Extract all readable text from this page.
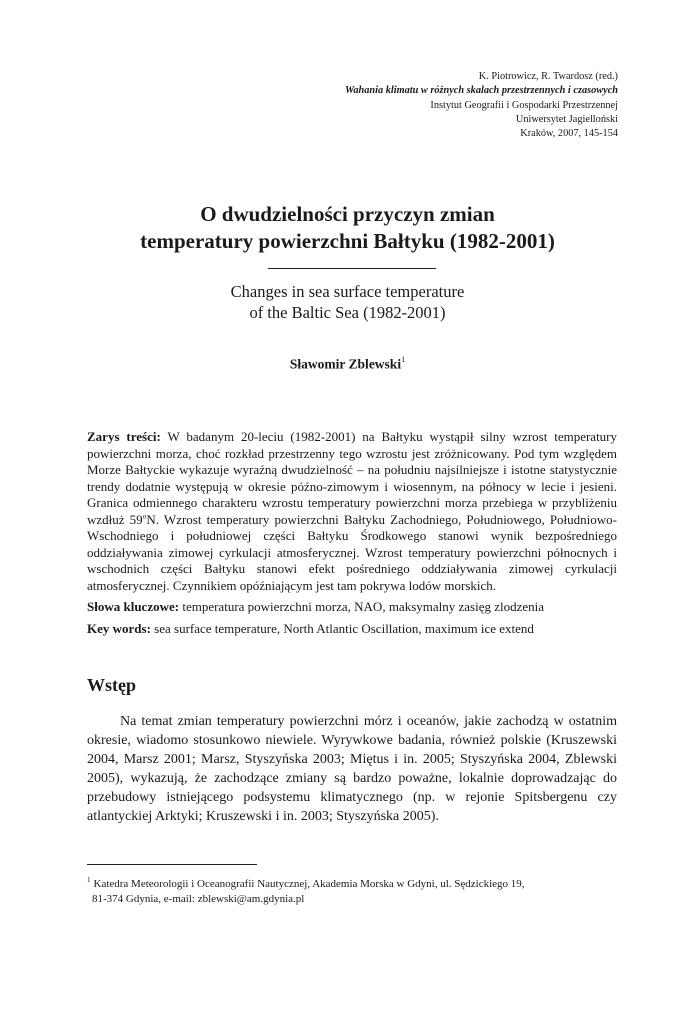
K. Piotrowicz, R. Twardosz (red.)
Wahania klimatu w różnych skalach przestrzennych i czasowych
Instytut Geografii i Gospodarki Przestrzennej
Uniwersytet Jagielloński
Kraków, 2007, 145-154
O dwudzielności przyczyn zmian
temperatury powierzchni Bałtyku (1982-2001)
Changes in sea surface temperature
of the Baltic Sea (1982-2001)
Sławomir Zblewski$^1$

Zarys treści: W badanym 20-leciu (1982-2001) na Bałtyku wystąpił silny wzrost temperatury powierzchni morza, choć rozkład przestrzenny tego wzrostu jest zróżnicowany. Pod tym względem Morze Bałtyckie wykazuje wyraźną dwudzielność – na południu najsilniejsze i istotne statystycznie trendy dodatnie występują w okresie późno-zimowym i wiosennym, na północy w lecie i jesieni. Granica odmiennego charakteru wzrostu temperatury powierzchni morza przebiega w przybliżeniu wzdłuż 59$^o$N. Wzrost temperatury powierzchni Bałtyku Zachodniego, Południowego, Południowo-Wschodniego i południowej części Bałtyku Środkowego stanowi wynik bezpośredniego oddziaływania zimowej cyrkulacji atmosferycznej. Wzrost temperatury powierzchni północnych i wschodnich części Bałtyku stanowi efekt pośredniego oddziaływania zimowej cyrkulacji atmosferycznej. Czynnikiem opóźniającym jest tam pokrywa lodów morskich.

Słowa kluczowe: temperatura powierzchni morza, NAO, maksymalny zasięg zlodzenia

Key words: sea surface temperature, North Atlantic Oscillation, maximum ice extend

Wstęp

Na temat zmian temperatury powierzchni mórz i oceanów, jakie zachodzą w ostatnim okresie, wiadomo stosunkowo niewiele. Wyrywkowe badania, również polskie (Kruszewski 2004, Marsz 2001; Marsz, Styszyńska 2003; Miętus i in. 2005; Styszyńska 2004, Zblewski 2005), wykazują, że zachodzące zmiany są bardzo poważne, lokalnie doprowadzając do przebudowy istniejącego podsystemu klimatycznego (np. w rejonie Spitsbergenu czy atlantyckiej Arktyki; Kruszewski i in. 2003; Styszyńska 2005).

$^1$ Katedra Meteorologii i Oceanografii Nautycznej, Akademia Morska w Gdyni, ul. Sędzickiego 19,
81-374 Gdynia, e-mail: zblewski@am.gdynia.pl
